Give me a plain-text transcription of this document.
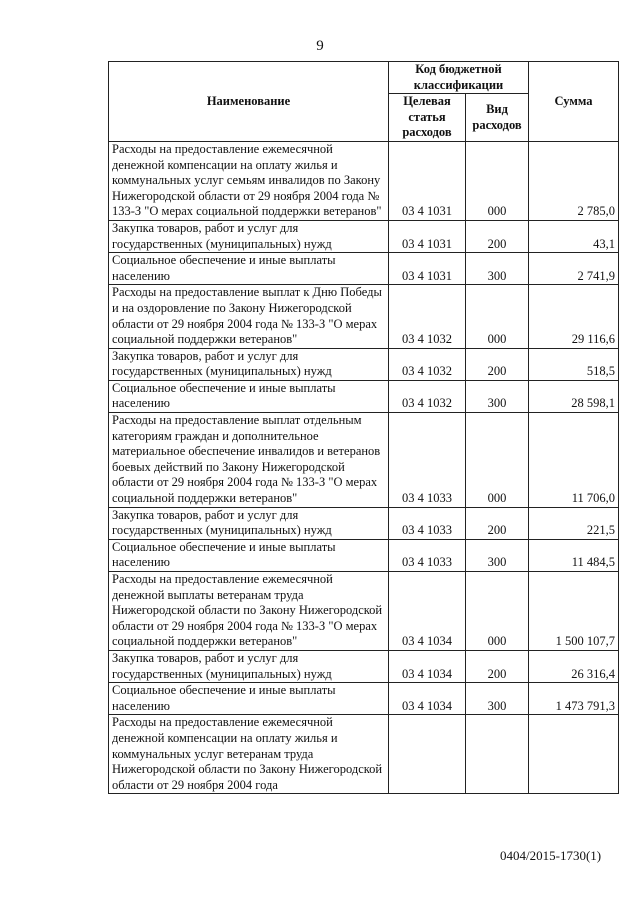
9
Наименование	Код бюджетной классификации		Сумма
	Целевая статья расходов	Вид расходов	
Расходы на предоставление ежемесячной денежной компенсации на оплату жилья и коммунальных услуг семьям инвалидов по Закону Нижегородской области от 29 ноября 2004 года № 133-З "О мерах социальной поддержки ветеранов"	03 4 1031	000	2 785,0
Закупка товаров, работ и услуг для государственных (муниципальных) нужд	03 4 1031	200	43,1
Социальное обеспечение и иные выплаты населению	03 4 1031	300	2 741,9
Расходы на предоставление выплат к Дню Победы и на оздоровление по Закону Нижегородской области от 29 ноября 2004 года № 133-З "О мерах социальной поддержки ветеранов"	03 4 1032	000	29 116,6
Закупка товаров, работ и услуг для государственных (муниципальных) нужд	03 4 1032	200	518,5
Социальное обеспечение и иные выплаты населению	03 4 1032	300	28 598,1
Расходы на предоставление выплат отдельным категориям граждан и дополнительное материальное обеспечение инвалидов и ветеранов боевых действий по Закону Нижегородской области от 29 ноября 2004 года № 133-З "О мерах социальной поддержки ветеранов"	03 4 1033	000	11 706,0
Закупка товаров, работ и услуг для государственных (муниципальных) нужд	03 4 1033	200	221,5
Социальное обеспечение и иные выплаты населению	03 4 1033	300	11 484,5
Расходы на предоставление ежемесячной денежной выплаты ветеранам труда Нижегородской области по Закону Нижегородской области от 29 ноября 2004 года № 133-З "О мерах социальной поддержки ветеранов"	03 4 1034	000	1 500 107,7
Закупка товаров, работ и услуг для государственных (муниципальных) нужд	03 4 1034	200	26 316,4
Социальное обеспечение и иные выплаты населению	03 4 1034	300	1 473 791,3
Расходы на предоставление ежемесячной денежной компенсации на оплату жилья и коммунальных услуг ветеранам труда Нижегородской области по Закону Нижегородской области от 29 ноября 2004 года			
0404/2015-1730(1)
